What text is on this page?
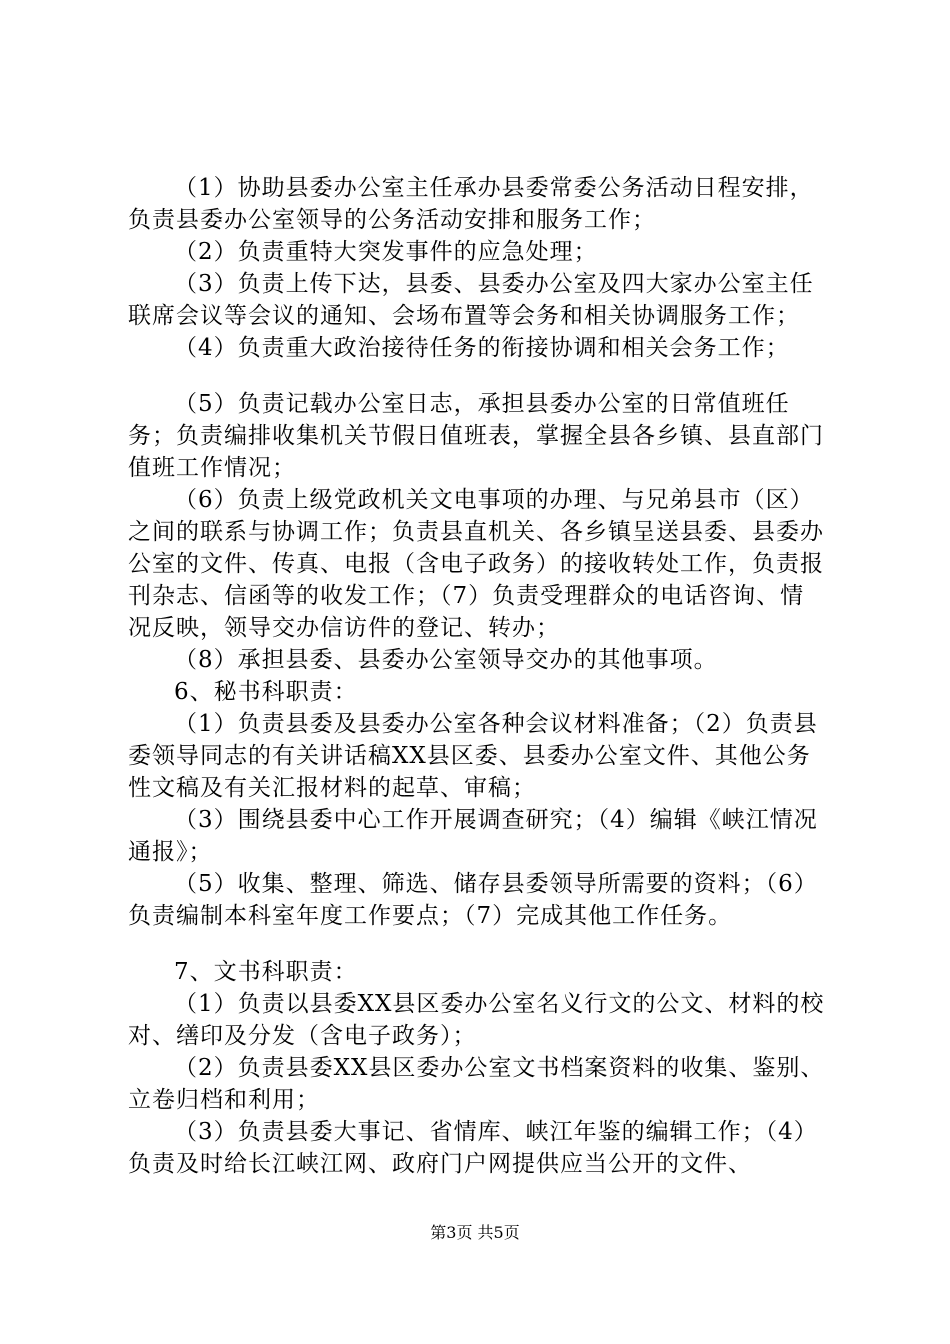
（1）协助县委办公室主任承办县委常委公务活动日程安排，负责县委办公室领导的公务活动安排和服务工作；

（2）负责重特大突发事件的应急处理；

（3）负责上传下达，县委、县委办公室及四大家办公室主任联席会议等会议的通知、会场布置等会务和相关协调服务工作；

（4）负责重大政治接待任务的衔接协调和相关会务工作；

（5）负责记载办公室日志，承担县委办公室的日常值班任务；负责编排收集机关节假日值班表，掌握全县各乡镇、县直部门值班工作情况；

（6）负责上级党政机关文电事项的办理、与兄弟县市（区）之间的联系与协调工作；负责县直机关、各乡镇呈送县委、县委办公室的文件、传真、电报（含电子政务）的接收转处工作，负责报刊杂志、信函等的收发工作；（7）负责受理群众的电话咨询、情况反映，领导交办信访件的登记、转办；

（8）承担县委、县委办公室领导交办的其他事项。

6、秘书科职责：

（1）负责县委及县委办公室各种会议材料准备；（2）负责县委领导同志的有关讲话稿XX县区委、县委办公室文件、其他公务性文稿及有关汇报材料的起草、审稿；

（3）围绕县委中心工作开展调查研究；（4）编辑《峡江情况通报》；

（5）收集、整理、筛选、储存县委领导所需要的资料；（6）负责编制本科室年度工作要点；（7）完成其他工作任务。

7、文书科职责：

（1）负责以县委XX县区委办公室名义行文的公文、材料的校对、缮印及分发（含电子政务）；

（2）负责县委XX县区委办公室文书档案资料的收集、鉴别、立卷归档和利用；

（3）负责县委大事记、省情库、峡江年鉴的编辑工作；（4）负责及时给长江峡江网、政府门户网提供应当公开的文件、

第3页 共5页
